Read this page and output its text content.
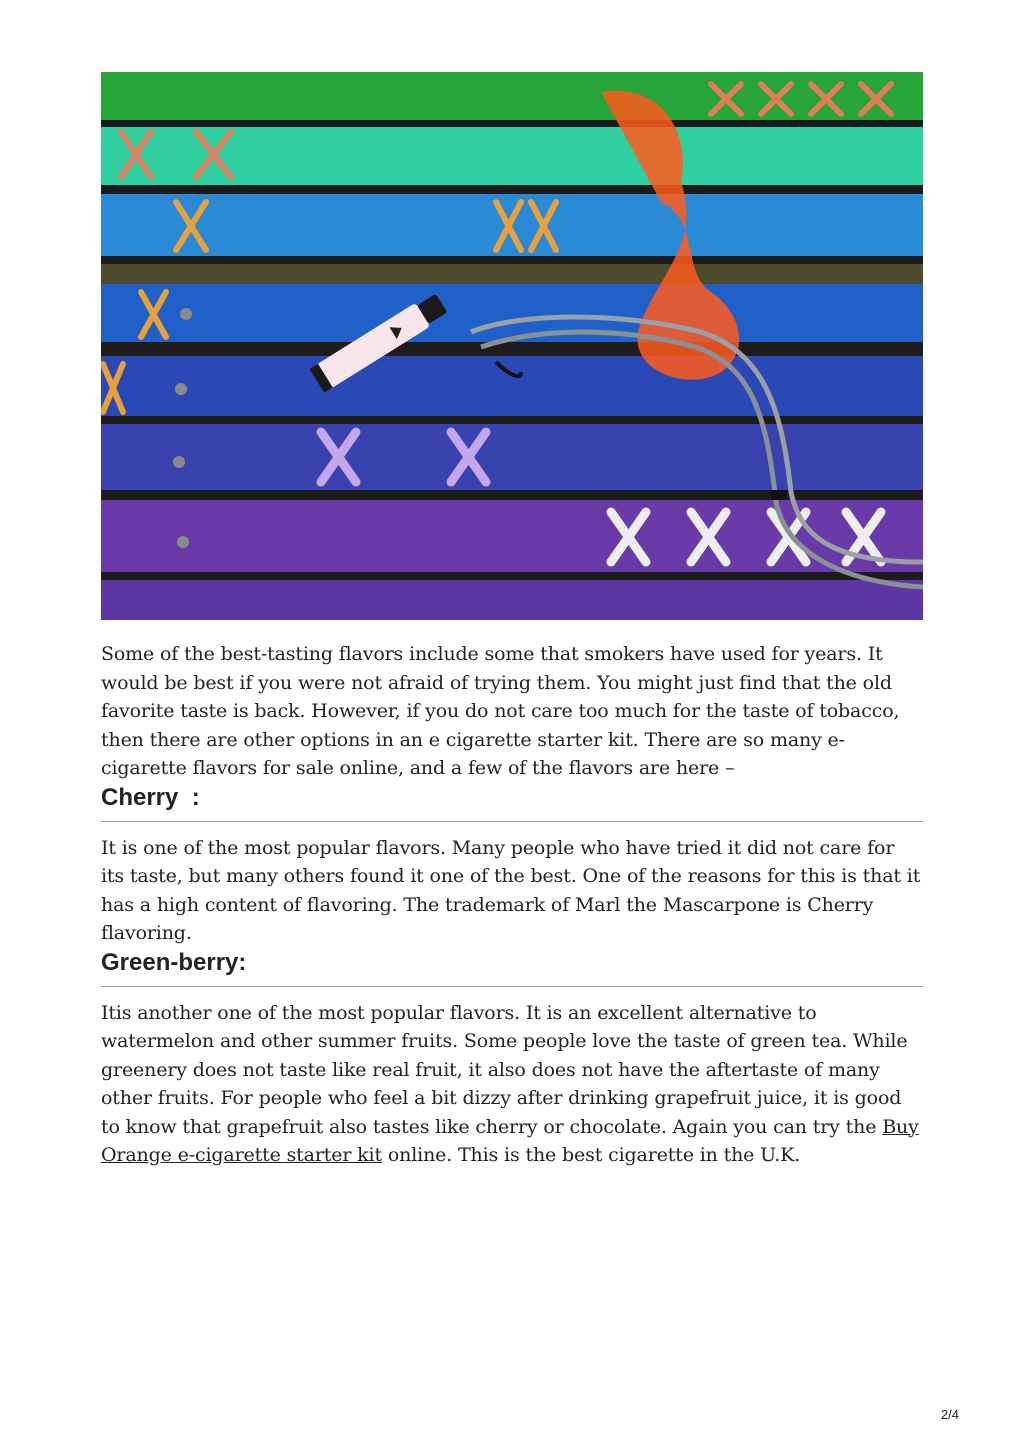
Some of the best-tasting flavors include some that smokers have used for years. It would be best if you were not afraid of trying them. You might just find that the old favorite taste is back. However, if you do not care too much for the taste of tobacco, then there are other options in an e cigarette starter kit. There are so many e-cigarette flavors for sale online, and a few of the flavors are here –

Cherry  :

It is one of the most popular flavors. Many people who have tried it did not care for its taste, but many others found it one of the best. One of the reasons for this is that it has a high content of flavoring. The trademark of Marl the Mascarpone is Cherry flavoring.

Green-berry:

Itis another one of the most popular flavors. It is an excellent alternative to watermelon and other summer fruits. Some people love the taste of green tea. While greenery does not taste like real fruit, it also does not have the aftertaste of many other fruits. For people who feel a bit dizzy after drinking grapefruit juice, it is good to know that grapefruit also tastes like cherry or chocolate. Again you can try the Buy Orange e-cigarette starter kit online. This is the best cigarette in the U.K.

2/4
